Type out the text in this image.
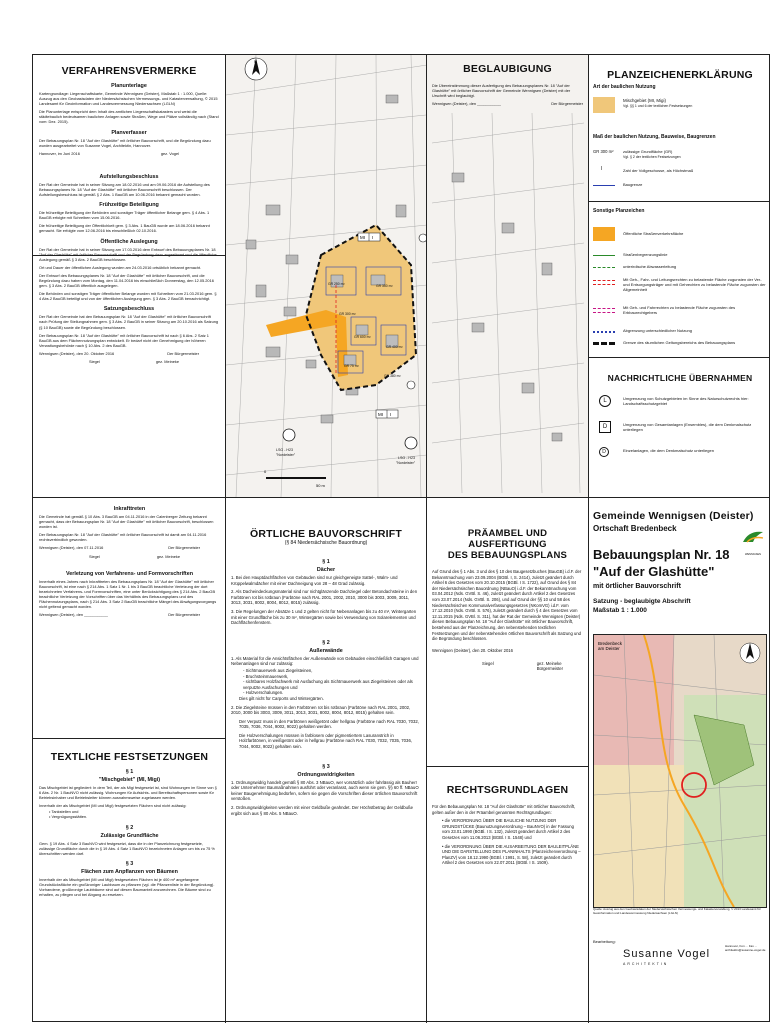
VERFAHRENSVERMERKE

Planunterlage

Kartengrundlage: Liegenschaftskarte, Gemeinde Wennigsen (Deister), Maßstab 1 : 1.000, Quelle: Auszug aus den Geobasisdaten der Niedersächsischen Vermessungs- und Katasterverwaltung, © 2015 Landesamt für Geoinformation und Landesvermessung Niedersachsen (LGLN)

Die Planunterlage entspricht dem Inhalt des amtlichen Liegenschaftskatasters und weist die städtebaulich bedeutsamen baulichen Anlagen sowie Straßen, Wege und Plätze vollständig nach (Stand vom: Dez. 2015).

Planverfasser

Der Bebauungsplan Nr. 18 "Auf der Glashütte" mit örtlicher Bauvorschrift, und die Begründung dazu wurden ausgearbeitet von Susanne Vogel, Architektin, Hannover.

Hannover, im Juni 2016	gez. Vogel

Aufstellungsbeschluss

Der Rat der Gemeinde hat in seiner Sitzung am 18.02.2016 und am 09.06.2016 die Aufstellung des Bebauungsplanes Nr. 18 "Auf der Glashütte" mit örtlicher Bauvorschrift beschlossen. Der Aufstellungsbeschluss ist gemäß § 2 Abs. 1 BauGB am 10.06.2016 bekannt gemacht worden.

Frühzeitige Beteiligung

Die frühzeitige Beteiligung der Behörden und sonstiger Träger öffentlicher Belange gem. § 4 Abs. 1 BauGB erfolgte mit Schreiben vom 15.06.2016.

Die frühzeitige Beteiligung der Öffentlichkeit gem. § 3 Abs. 1 BauGB wurde am 18.06.2016 bekannt gemacht. Sie erfolgte vom 12.06.2016 bis einschließlich 02.10.2016.

Öffentliche Auslegung

Der Rat der Gemeinde hat in seiner Sitzung am 17.03.2016 dem Entwurf des Bebauungsplanes Nr. 18 Auslegung gemäß § 3 Abs. 2 BauGB beschlossen.

Ort und Dauer der öffentlichen Auslegung wurden am 24.03.2016 ortsüblich bekannt gemacht.

Der Entwurf des Bebauungsplanes Nr. 18 "Auf der Glashütte" mit örtlicher Bauvorschrift, und die Begründung dazu haben vom Montag, den 11.04.2016 bis einschließlich Donnerstag, den 12.05.2016 gem. § 3 Abs. 2 BauGB öffentlich ausgelegen.

Die Behörden und sonstigen Träger öffentlicher Belange wurden mit Schreiben vom 21.03.2016 gem. § 4 Abs.2 BauGB beteiligt und von der öffentlichen Auslegung gem. § 3 Abs. 2 BauGB benachrichtigt.

Satzungsbeschluss

Der Rat der Gemeinde hat den Bebauungsplan Nr. 18 "Auf der Glashütte" mit örtlicher Bauvorschrift nach Prüfung der Stellungnahmen gem. § 3 Abs. 2 BauGB in seiner Sitzung am 20.10.2016 als Satzung (§ 10 BauGB) sowie die Begründung beschlossen.

Der Bebauungsplan Nr. 18 "Auf der Glashütte" mit örtlicher Bauvorschrift ist nach § 6 Abs. 2 Satz 1 BauGB aus dem Flächennutzungsplan entwickelt. Er bedarf nicht der Genehmigung der höheren Verwaltungsbehörde nach § 10 Abs. 2 des BauGB.

Wennigsen (Deister), den 20. Oktober 2016	Der Bürgermeister
Siegel	gez. Meineke

Inkrafttreten

Die Gemeinde hat gemäß § 10 Abs. 3 BauGB am 04.11.2016 in der Calenberger Zeitung bekannt gemacht, dass der Bebauungsplan Nr. 18 "Auf der Glashütte" mit örtlicher Bauvorschrift, beschlossen worden ist.

Der Bebauungsplan Nr. 18 "Auf der Glashütte" mit örtlicher Bauvorschrift ist damit am 04.11.2016 rechtsverbindlich geworden.

Wennigsen (Deister), den 07.11.2016	Der Bürgermeister
Siegel	gez. Meineke

Verletzung von Verfahrens- und Formvorschriften

Innerhalb eines Jahres nach Inkrafttreten des Bebauungsplans Nr. 18 "Auf der Glashütte" mit örtlicher Bauvorschrift, ist eine nach § 214 Abs. 1 Satz 1 Nr. 1 bis 3 BauGB beachtliche Verletzung der dort bezeichneten Verfahrens- und Formvorschriften, eine unter Berücksichtigung des § 214 Abs. 2 BauGB beachtliche Verletzung der Vorschriften über das Verhältnis des Bebauungsplans und des Flächennutzungsplans, nach § 214 Abs. 3 Satz 2 BauGB beachtliche Mängel des Abwägungsvorgangs nicht geltend gemacht worden.

Wennigsen (Deister), den ___________	Der Bürgermeister

TEXTLICHE FESTSETZUNGEN

§ 1

"Mischgebiet" (MI, Migi)

Das Mischgebiet ist gegliedert: In dem Teil, der als Migi festgesetzt ist, sind Wohnungen im Sinne von § 6 Abs. 2 Nr. 1 BauNVO nicht zulässig. Wohnungen für Aufsichts- und Bereitschaftspersonen sowie für Betriebsinhaber und Betriebsleiter können ausnahmsweise zugelassen werden.

Innerhalb der als Mischgebiet (MI und Migi) festgesetzten Flächen sind nicht zulässig:

• Tankstellen und

• Vergnügungsstätten.

§ 2

Zulässige Grundfläche

Gem. § 19 Abs. 4 Satz 3 BauNVO wird festgesetzt, dass die in der Planzeichnung festgesetzte, zulässige Grundfläche durch die in § 19 Abs. 4 Satz 1 BauNVO bezeichneten Anlagen um bis zu 75 % überschritten werden darf.

§ 3

Flächen zum Anpflanzen von Bäumen

Innerhalb der als Mischgebiet (MI und Migi) festgesetzten Flächen ist je 400 m² angefangene Grundstücksfläche ein großkroniger Laubbaum zu pflanzen (vgl. die Pflanzenliste in der Begründung). Vorhandene, großkronige Laubbäume sind auf diesen Baumanteil anzurechnen. Die Bäume sind zu erhalten, zu pflegen und bei Abgang zu ersetzen.

GR 250 m²	GR 350 m²
GR 300 m²
GR 600 m²
GR 400 m²
GR 75 m²
GR 380 m²
MI I
MI I
LSG - H23
"Nordeister"
LSG - H23
"Nordeister"
0
50 m
N

BEGLAUBIGUNG

Die Übereinstimmung dieser Ausfertigung des Bebauungsplanes Nr. 18 "Auf der Glashütte" mit örtlicher Bauvorschrift der Gemeinde Wennigsen (Deister) mit der Urschrift wird beglaubigt.

Wennigsen (Deister), den ___________	Der Bürgermeister

PLANZEICHENERKLÄRUNG

Art der baulichen Nutzung

Mischgebiet (MI, Migi)
Vgl. §§ 1 und 6 der textlichen Festsetzungen

Maß der baulichen Nutzung, Bauweise, Baugrenzen

GR 300 m² zulässige Grundfläche (GR)
Vgl. § 2 der textlichen Festsetzungen
I	Zahl der Vollgeschosse, als Höchstmaß
Baugrenze

Sonstige Planzeichen

Öffentliche Straßenverkehrsfläche
Straßenbegrenzungslinie
unterirdische Abwasserleitung
Mit Geh-, Fahr- und Leitungsrechten zu belastende Fläche zugunsten der Ver- und Entsorgungsträger und mit Gehrechten zu belastende Fläche zugunsten der Allgemeinheit
Mit Geh- und Fahrrechten zu belastende Fläche zugunsten des Erbbaurechtgebers
Abgrenzung unterschiedlicher Nutzung
Grenze des räumlichen Geltungsbereichs des Bebauungsplans

NACHRICHTLICHE ÜBERNAHMEN

L	Umgrenzung von Schutzgebieten im Sinne des Naturschutzrechts hier: Landschaftsschutzgebiet
D	Umgrenzung von Gesamtanlagen (Ensembles), die dem Denkmalschutz unterliegen
D	Einzelanlagen, die dem Denkmalschutz unterliegen

ÖRTLICHE BAUVORSCHRIFT

(§ 84 Niedersächsische Bauordnung)

§ 1

Dächer

1. Bei den Hauptdachflächen von Gebäuden sind nur gleichgeneigte Sattel-, Walm- und Krüppelwalmdächer mit einer Dachneigung von 28 – 48 Grad zulässig.

2. Als Dacheindeckungsmaterial sind nur nichtglänzende Dachziegel oder Betondachsteine in den Farbtönen rot bis rotbraun (Farbtöne nach RAL 2001, 2002, 2010, 3000 bis 3003, 3009, 3011, 3013, 3031, 8002, 8004, 8012, 8015) zulässig.

3. Die Regelungen der Absätze 1 und 2 gelten nicht für Nebenanlagen bis zu 40 m², Wintergarten mit einer Grundfläche bis zu 30 m², Wintergärten sowie bei Verwendung von Solarelementen und Dachflächenfenstern.

§ 2

Außenwände

1. Als Material für die Ansichtsflächen der Außenwände von Gebäuden einschließlich Garagen und Nebenanlagen sind nur zulässig:

- Sichtmauerwerk aus Ziegelsteinen,

- Bruchsteinmauerwerk,

- sichtbares Holzfachwerk mit Ausfachung als Sichtmauerwerk aus Ziegelsteinen oder als verputzte Ausfachungen und

- Holzverschalungen.

Dies gilt nicht für Carports und Wintergärten.

2. Die Ziegelsteine müssen in den Farbtönen rot bis rotbraun (Farbtöne nach RAL 2001, 2002, 2010, 3000 bis 3003, 3009, 3011, 3013, 3031, 8002, 8004, 8012, 8015) gehalten sein.

Der Verputz muss in den Farbtönen weißgetönt oder hellgrau (Farbtöne nach RAL 7030, 7032, 7035, 7036, 7044, 9002, 9022) gehalten werden.

Die Holzverschalungen müssen in farblosem oder pigmentiertem Lasuranstrich in Holzfarbtönen, in weißgetönt oder in hellgrau (Farbtöne nach RAL 7030, 7032, 7035, 7036, 7044, 9002, 9022) gehalten sein.

§ 3

Ordnungswidrigkeiten

1. Ordnungswidrig handelt gemäß § 80 Abs. 3 NBauO, wer vorsätzlich oder fahrlässig als Bauherr oder Unternehmer Baumaßnahmen ausführt oder veranlasst, auch wenn sie gem. §§ 60 ff. NBauO keiner Baugenehmigung bedürfen, sofern sie gegen die Vorschriften dieser örtlichen Bauvorschrift verstoßen.

2. Ordnungswidrigkeiten werden mit einer Geldbuße geahndet. Der Höchstbetrag der Geldbuße ergibt sich aus § 80 Abs. 5 NBauO.

PRÄAMBEL UND AUSFERTIGUNG

DES BEBAUUNGSPLANS

Auf Grund des § 1 Abs. 3 und des § 10 des Baugesetzbuches (BauGB) i.d.F. der Bekanntmachung vom 23.09.2004 (BGBl. I, S. 2414), zuletzt geändert durch Artikel 6 des Gesetzes vom 20.10.2015 (BGBl. I S. 1722), auf Grund des § 84 der Niedersächsischen Bauordnung (NBauO) i.d.F. der Bekanntmachung vom 03.04.2012 (Nds. GVBl. S. 46), zuletzt geändert durch Artikel 2 des Gesetzes vom 23.07.2014 (Nds. GVBl. S. 206), und auf Grund der §§ 10 und 58 des Niedersächsischen Kommunalverfassungsgesetzes (NKomVG) i.d.F. vom 17.12.2010 (Nds. GVBl. S. 576), zuletzt geändert durch § 4 des Gesetzes vom 12.11.2015 (Nds. GVBl. S. 311), hat der Rat der Gemeinde Wennigsen (Deister) diesen Bebauungsplan Nr. 18 "Auf der Glashütte" mit örtlicher Bauvorschrift, bestehend aus der Planzeichnung, den nebenstehenden textlichen Festsetzungen und der nebenstehenden örtlichen Bauvorschrift als Satzung und die Begründung beschlossen.

Wennigsen (Deister), den 20. Oktober 2016

Siegel	gez. Meineke
Bürgermeister

RECHTSGRUNDLAGEN

Für den Bebauungsplan Nr. 18 "Auf der Glashütte" mit örtlicher Bauvorschrift, gelten außer den in der Präambel genannten Rechtsgrundlagen:

• die VERORDNUNG ÜBER DIE BAULICHE NUTZUNG DER GRUNDSTÜCKE (Baunutzungsverordnung – BauNVO) in der Fassung vom 23.01.1990 (BGBl. I S. 132), zuletzt geändert durch Artikel 2 des Gesetzes vom 11.06.2013 (BGBl. I S. 1548) und

• die VERORDNUNG ÜBER DIE AUSARBEITUNG DER BAULEITPLÄNE UND DIE DARSTELLUNG DES PLANINHALTS (Planzeichenverordnung – PlanZV) vom 18.12.1990 (BGBl. I 1991, S. 58), zuletzt geändert durch Artikel 2 des Gesetzes vom 22.07.2011 (BGBl. I S. 1509).

Gemeinde Wennigsen (Deister)

Ortschaft Bredenbeck

WENNIGSEN

Bebauungsplan Nr. 18

"Auf der Glashütte"

mit örtlicher Bauvorschrift

Satzung - beglaubigte Abschrift

Maßstab 1 : 1.000

Bredenbeck
am Deister

Quelle: Auszug aus den Geobasisdaten der Niedersächsischen Vermessungs- und Katasterverwaltung, © 2013 Landesamt für Geoinformation und Landesvermessung Niedersachsen (LGLN)

Bearbeitung:
Susanne Vogel
ARCHITEKTIN
Hannover, Fon ... Fax ... architektin@susanne-vogel.de
